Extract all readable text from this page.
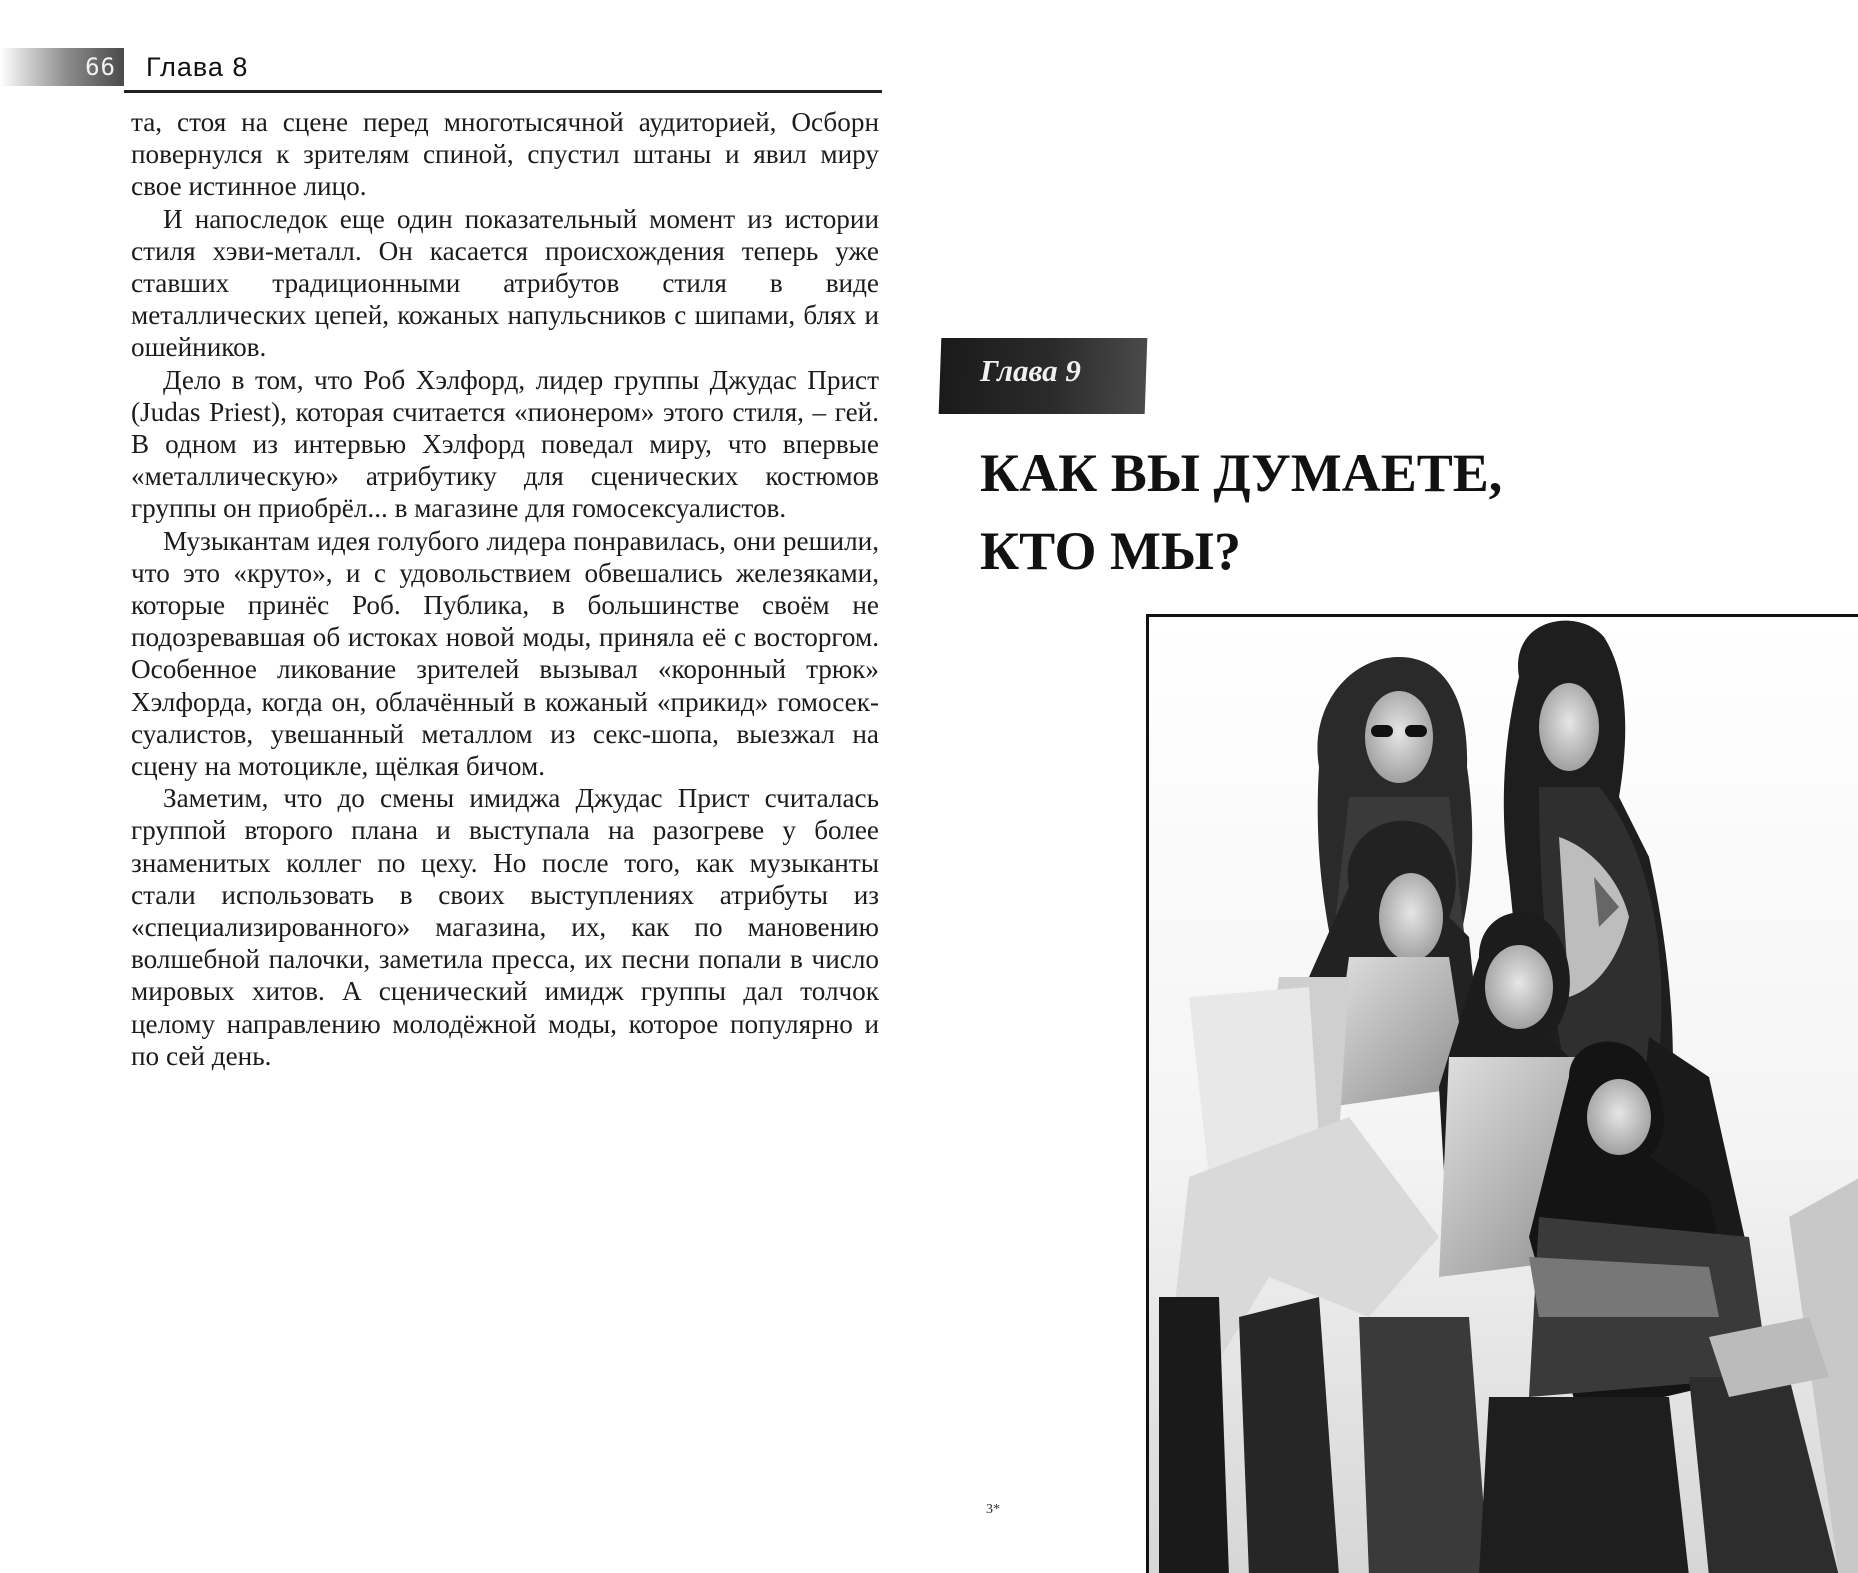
66 Глава 8

та, стоя на сцене перед многотысячной аудиторией, Осборн повернулся к зрителям спиной, спустил штаны и явил миру свое истинное лицо.

И напоследок еще один показательный момент из истории стиля хэви-металл. Он касается происхождения теперь уже ставших традиционными атрибутов стиля в виде металлических цепей, кожаных напульсников с шипами, блях и ошейников.

Дело в том, что Роб Хэлфорд, лидер группы Джудас Прист (Judas Priest), которая считается «пионером» этого стиля, – гей. В одном из интервью Хэлфорд поведал миру, что впервые «металлическую» атрибутику для сценических костюмов группы он приобрёл... в магазине для гомосексуалистов.

Музыкантам идея голубого лидера понравилась, они решили, что это «круто», и с удовольствием обвешались железяками, которые принёс Роб. Публика, в большинстве своём не подозревавшая об истоках новой моды, приняла её с восторгом. Особенное ликование зрителей вызывал «коронный трюк» Хэлфорда, когда он, облачённый в кожаный «прикид» гомосексуалистов, увешанный металлом из секс-шопа, выезжал на сцену на мотоцикле, щёлкая бичом.

Заметим, что до смены имиджа Джудас Прист считалась группой второго плана и выступала на разогреве у более знаменитых коллег по цеху. Но после того, как музыканты стали использовать в своих выступлениях атрибуты из «специализированного» магазина, их, как по мановению волшебной палочки, заметила пресса, их песни попали в число мировых хитов. А сценический имидж группы дал толчок целому направлению молодёжной моды, которое популярно и по сей день.

Глава 9
КАК ВЫ ДУМАЕТЕ,
КТО МЫ?
3*
